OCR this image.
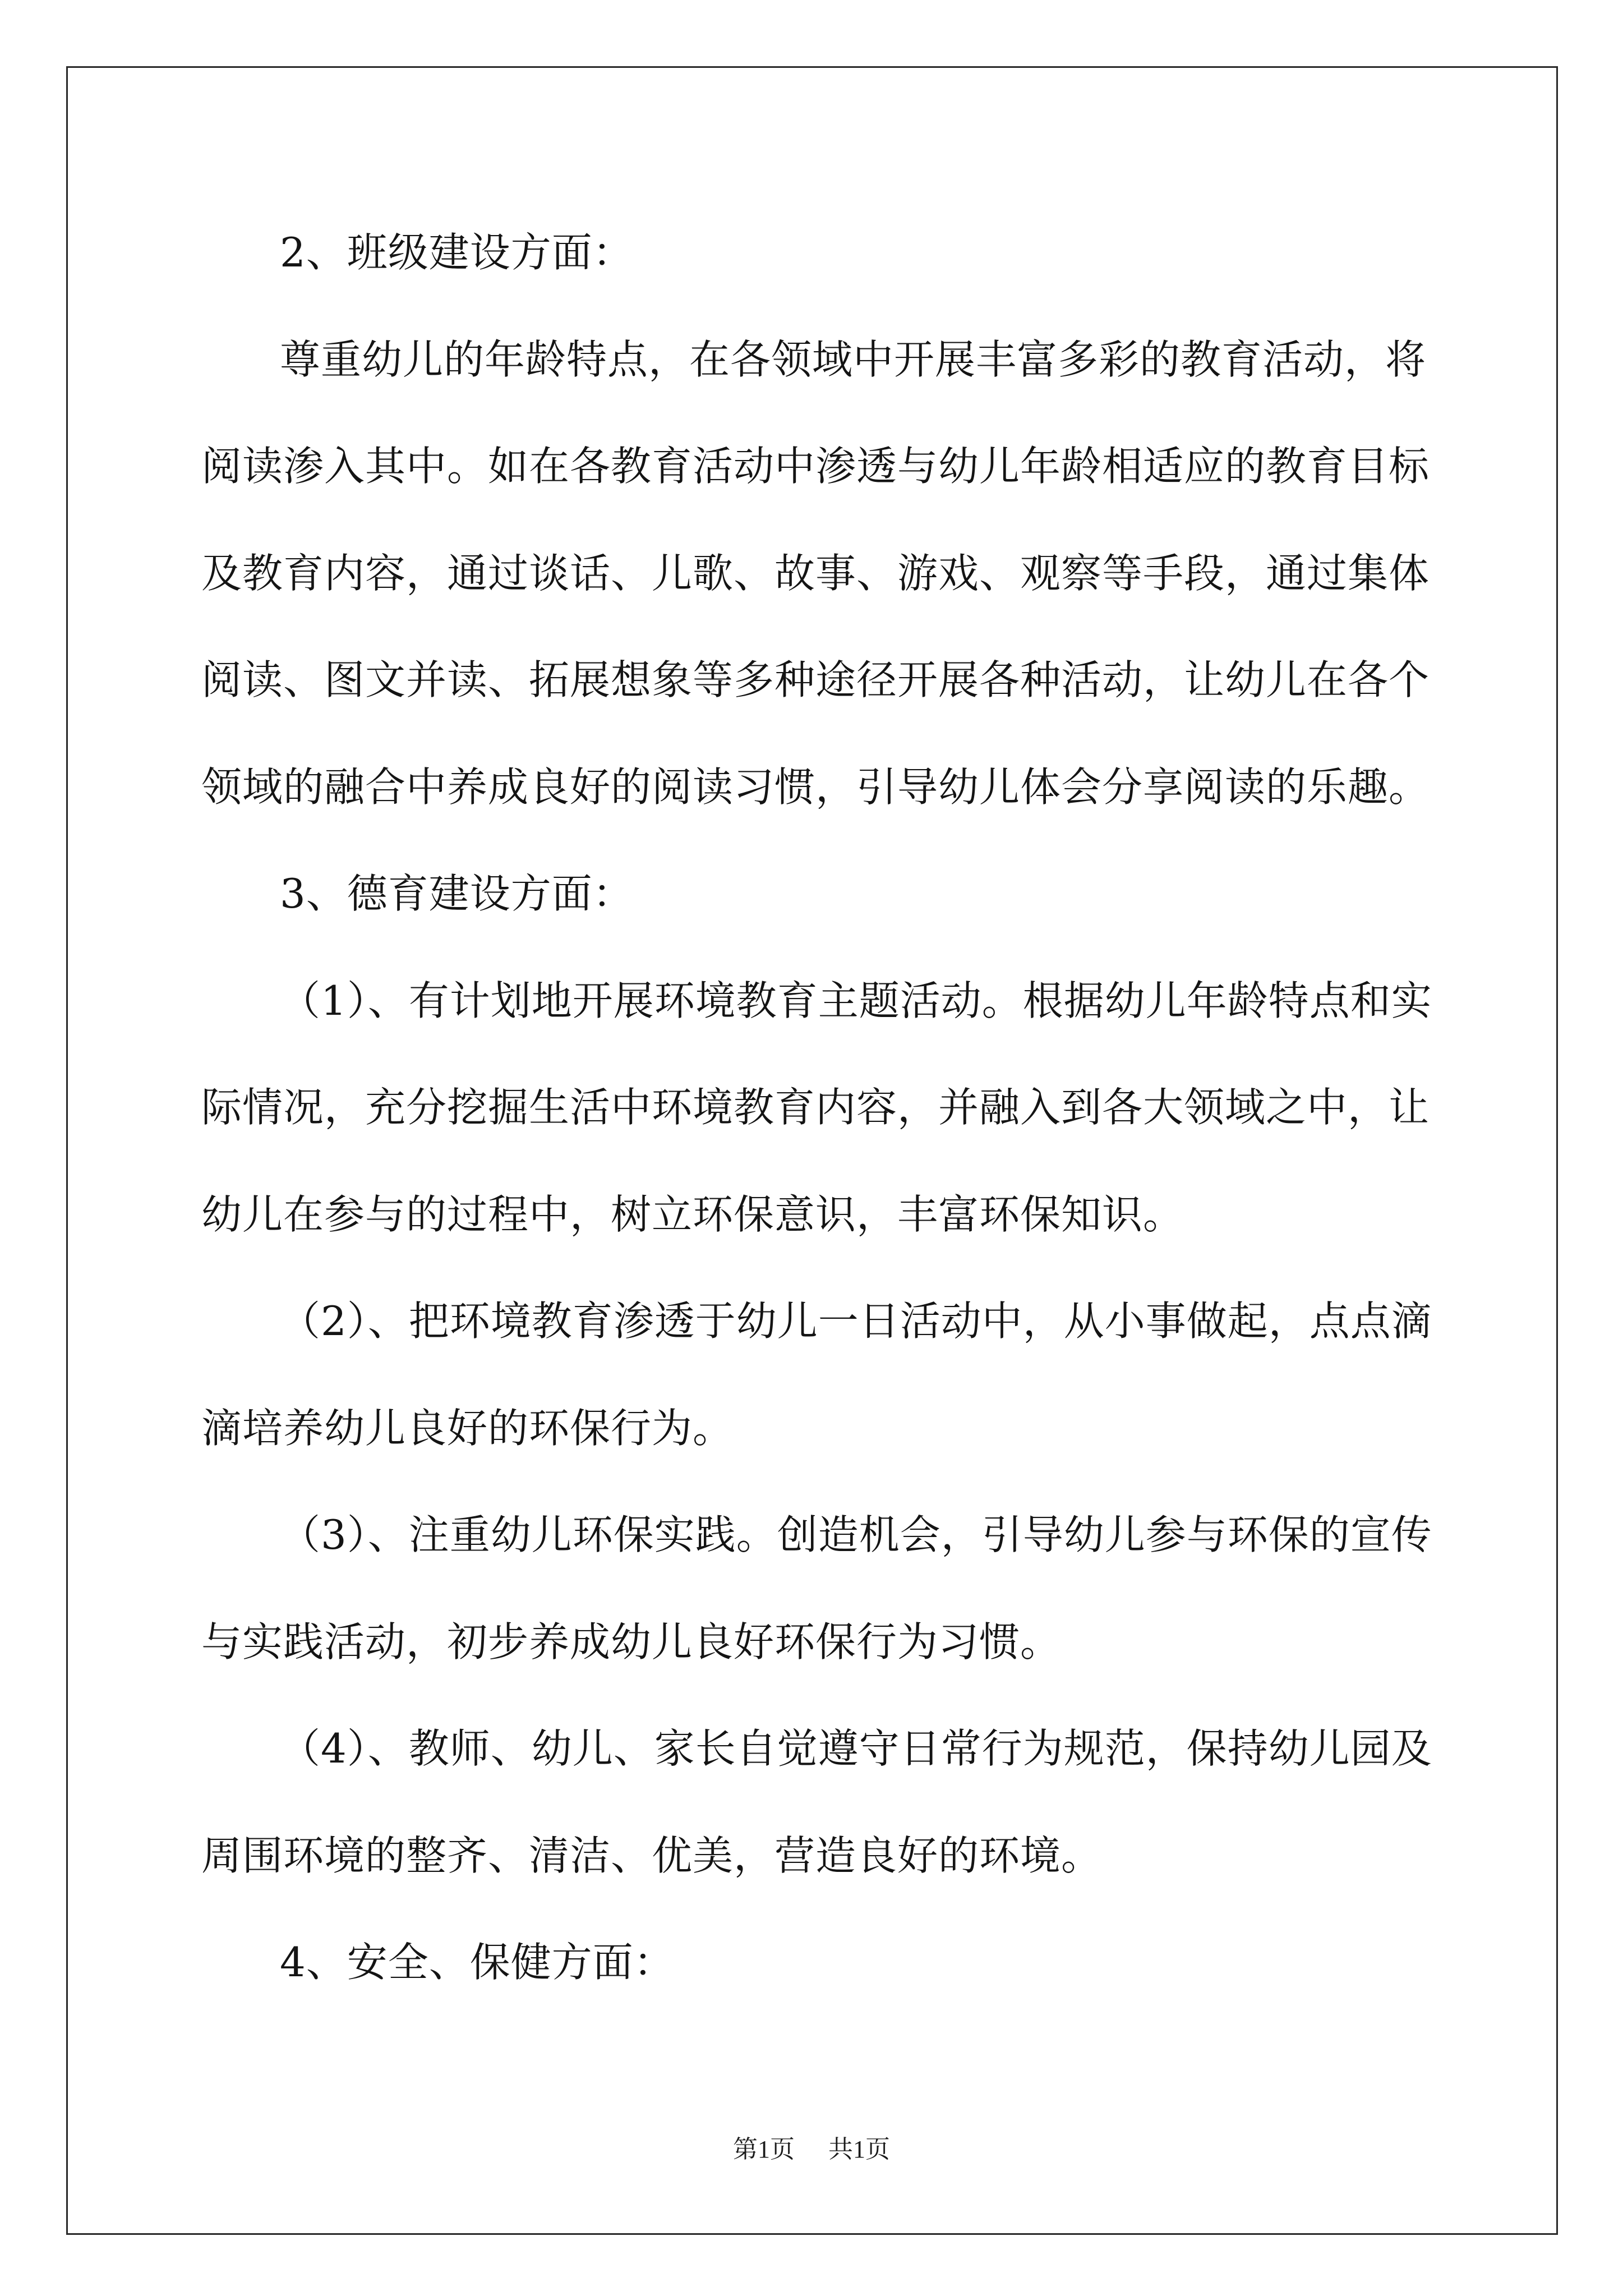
2、班级建设方面：
尊重幼儿的年龄特点，在各领域中开展丰富多彩的教育活动，将
阅读渗入其中。如在各教育活动中渗透与幼儿年龄相适应的教育目标
及教育内容，通过谈话、儿歌、故事、游戏、观察等手段，通过集体
阅读、图文并读、拓展想象等多种途径开展各种活动，让幼儿在各个
领域的融合中养成良好的阅读习惯，引导幼儿体会分享阅读的乐趣。
3、德育建设方面：
（1）、有计划地开展环境教育主题活动。根据幼儿年龄特点和实
际情况，充分挖掘生活中环境教育内容，并融入到各大领域之中，让
幼儿在参与的过程中，树立环保意识，丰富环保知识。
（2）、把环境教育渗透于幼儿一日活动中，从小事做起，点点滴
滴培养幼儿良好的环保行为。
（3）、注重幼儿环保实践。创造机会，引导幼儿参与环保的宣传
与实践活动，初步养成幼儿良好环保行为习惯。
（4）、教师、幼儿、家长自觉遵守日常行为规范，保持幼儿园及
周围环境的整齐、清洁、优美，营造良好的环境。
4、安全、保健方面：
第1页 共1页
